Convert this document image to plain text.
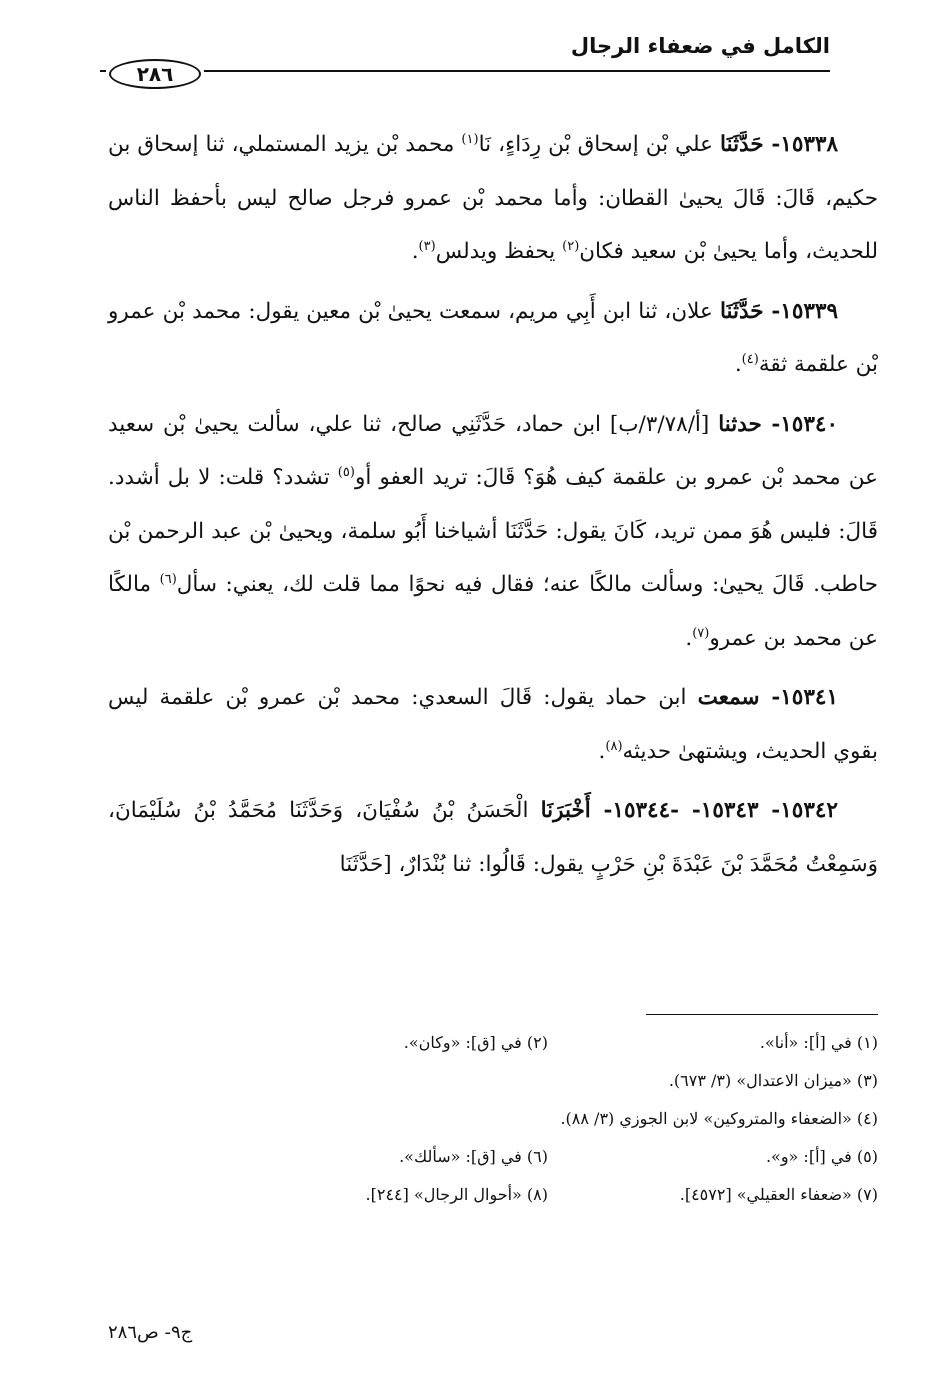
الكامل في ضعفاء الرجال
٢٨٦

١٥٣٣٨- حَدَّثَنَا علي بْن إسحاق بْن رِدَاءٍ، نَا$^{(١)}$ محمد بْن يزيد المستملي، ثنا إسحاق بن حكيم، قَالَ: قَالَ يحيىٰ القطان: وأما محمد بْن عمرو فرجل صالح ليس بأحفظ الناس للحديث، وأما يحيىٰ بْن سعيد فكان$^{(٢)}$ يحفظ ويدلس$^{(٣)}$.

١٥٣٣٩- حَدَّثَنَا علان، ثنا ابن أَبِي مريم، سمعت يحيىٰ بْن معين يقول: محمد بْن عمرو بْن علقمة ثقة$^{(٤)}$.

١٥٣٤٠- حدثنا [أ/٣/٧٨/ب] ابن حماد، حَدَّثَنِي صالح، ثنا علي، سألت يحيىٰ بْن سعيد عن محمد بْن عمرو بن علقمة كيف هُوَ؟ قَالَ: تريد العفو أو$^{(٥)}$ تشدد؟ قلت: لا بل أشدد. قَالَ: فليس هُوَ ممن تريد، كَانَ يقول: حَدَّثَنَا أشياخنا أَبُو سلمة، ويحيىٰ بْن عبد الرحمن بْن حاطب. قَالَ يحيىٰ: وسألت مالكًا عنه؛ فقال فيه نحوًا مما قلت لك، يعني: سأل$^{(٦)}$ مالكًا عن محمد بن عمرو$^{(٧)}$.

١٥٣٤١- سمعت ابن حماد يقول: قَالَ السعدي: محمد بْن عمرو بْن علقمة ليس بقوي الحديث، ويشتهىٰ حديثه$^{(٨)}$.

١٥٣٤٢- ١٥٣٤٣- -١٥٣٤٤- أَخْبَرَنَا الْحَسَنُ بْنُ سُفْيَانَ، وَحَدَّثَنَا مُحَمَّدُ بْنُ سُلَيْمَانَ، وَسَمِعْتُ مُحَمَّدَ بْنَ عَبْدَةَ بْنِ حَرْبٍ يقول: قَالُوا: ثنا بُنْدَارٌ، [حَدَّثَنَا

(١) في [أ]: «أنا».
(٢) في [ق]: «وكان».
(٣) «ميزان الاعتدال» (٣/ ٦٧٣).
(٤) «الضعفاء والمتروكين» لابن الجوزي (٣/ ٨٨).
(٥) في [أ]: «و».
(٦) في [ق]: «سألك».
(٧) «ضعفاء العقيلي» [٤٥٧٢].
(٨) «أحوال الرجال» [٢٤٤].
ج٩- ص٢٨٦
